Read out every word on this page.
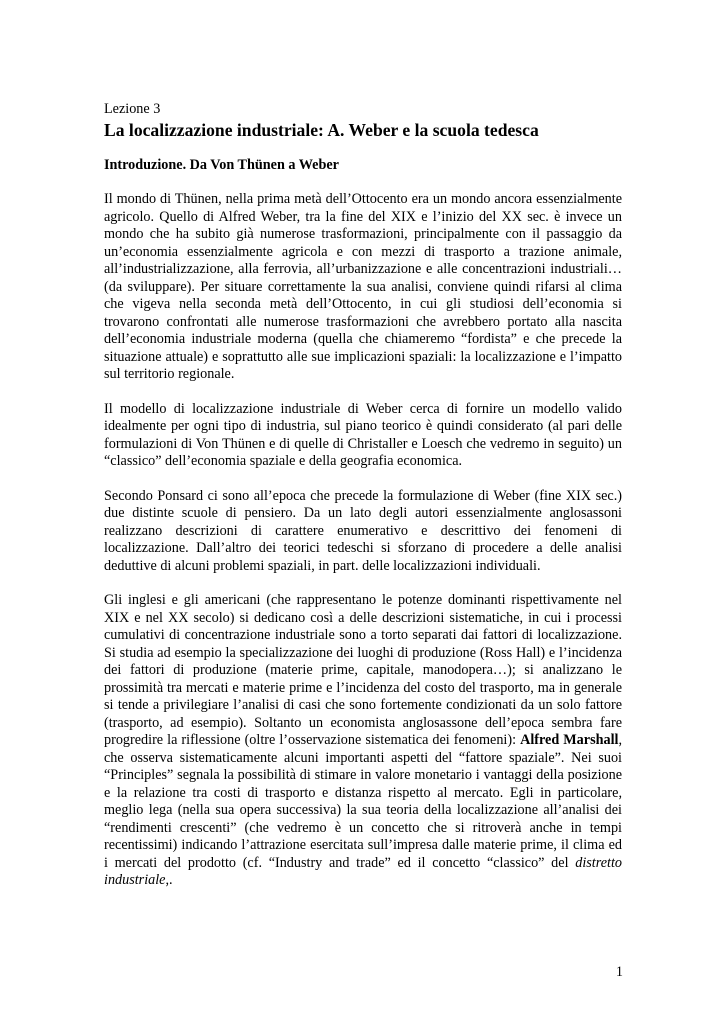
Lezione 3

La localizzazione industriale: A. Weber e la scuola tedesca

Introduzione. Da Von Thünen a Weber

Il mondo di Thünen, nella prima metà dell’Ottocento era un mondo ancora essenzialmente agricolo. Quello di Alfred Weber, tra la fine del XIX e l’inizio del XX sec. è invece un mondo che ha subito già numerose trasformazioni, principalmente con il passaggio da un’economia essenzialmente agricola e con mezzi di trasporto a trazione animale, all’industrializzazione, alla ferrovia, all’urbanizzazione e alle concentrazioni industriali… (da sviluppare). Per situare correttamente la sua analisi, conviene quindi rifarsi al clima che vigeva nella seconda metà dell’Ottocento, in cui gli studiosi dell’economia si trovarono confrontati alle numerose trasformazioni che avrebbero portato alla nascita dell’economia industriale moderna (quella che chiameremo “fordista” e che precede la situazione attuale) e soprattutto alle sue implicazioni spaziali: la localizzazione e l’impatto sul territorio regionale.

Il modello di localizzazione industriale di Weber cerca di fornire un modello valido idealmente per ogni tipo di industria, sul piano teorico è quindi considerato (al pari delle formulazioni di Von Thünen e di quelle di Christaller e Loesch che vedremo in seguito) un “classico” dell’economia spaziale e della geografia economica.

Secondo Ponsard ci sono all’epoca che precede la formulazione di Weber (fine XIX sec.) due distinte scuole di pensiero. Da un lato degli autori essenzialmente anglosassoni realizzano descrizioni di carattere enumerativo e descrittivo dei fenomeni di localizzazione. Dall’altro dei teorici tedeschi si sforzano di procedere a delle analisi deduttive di alcuni problemi spaziali, in part. delle localizzazioni individuali.

Gli inglesi e gli americani (che rappresentano le potenze dominanti rispettivamente nel XIX e nel XX secolo) si dedicano così a delle descrizioni sistematiche, in cui i processi cumulativi di concentrazione industriale sono a torto separati dai fattori di localizzazione. Si studia ad esempio la specializzazione dei luoghi di produzione (Ross Hall) e l’incidenza dei fattori di produzione (materie prime, capitale, manodopera…); si analizzano le prossimità tra mercati e materie prime e l’incidenza del costo del trasporto, ma in generale si tende a privilegiare l’analisi di casi che sono fortemente condizionati da un solo fattore (trasporto, ad esempio). Soltanto un economista anglosassone dell’epoca sembra fare progredire la riflessione (oltre l’osservazione sistematica dei fenomeni): Alfred Marshall, che osserva sistematicamente alcuni importanti aspetti del “fattore spaziale”. Nei suoi “Principles” segnala la possibilità di stimare in valore monetario i vantaggi della posizione e la relazione tra costi di trasporto e distanza rispetto al mercato. Egli in particolare, meglio lega (nella sua opera successiva) la sua teoria della localizzazione all’analisi dei “rendimenti crescenti” (che vedremo è un concetto che si ritroverà anche in tempi recentissimi) indicando l’attrazione esercitata sull’impresa dalle materie prime, il clima ed i mercati del prodotto (cf. “Industry and trade” ed il concetto “classico” del distretto industriale,.

1
